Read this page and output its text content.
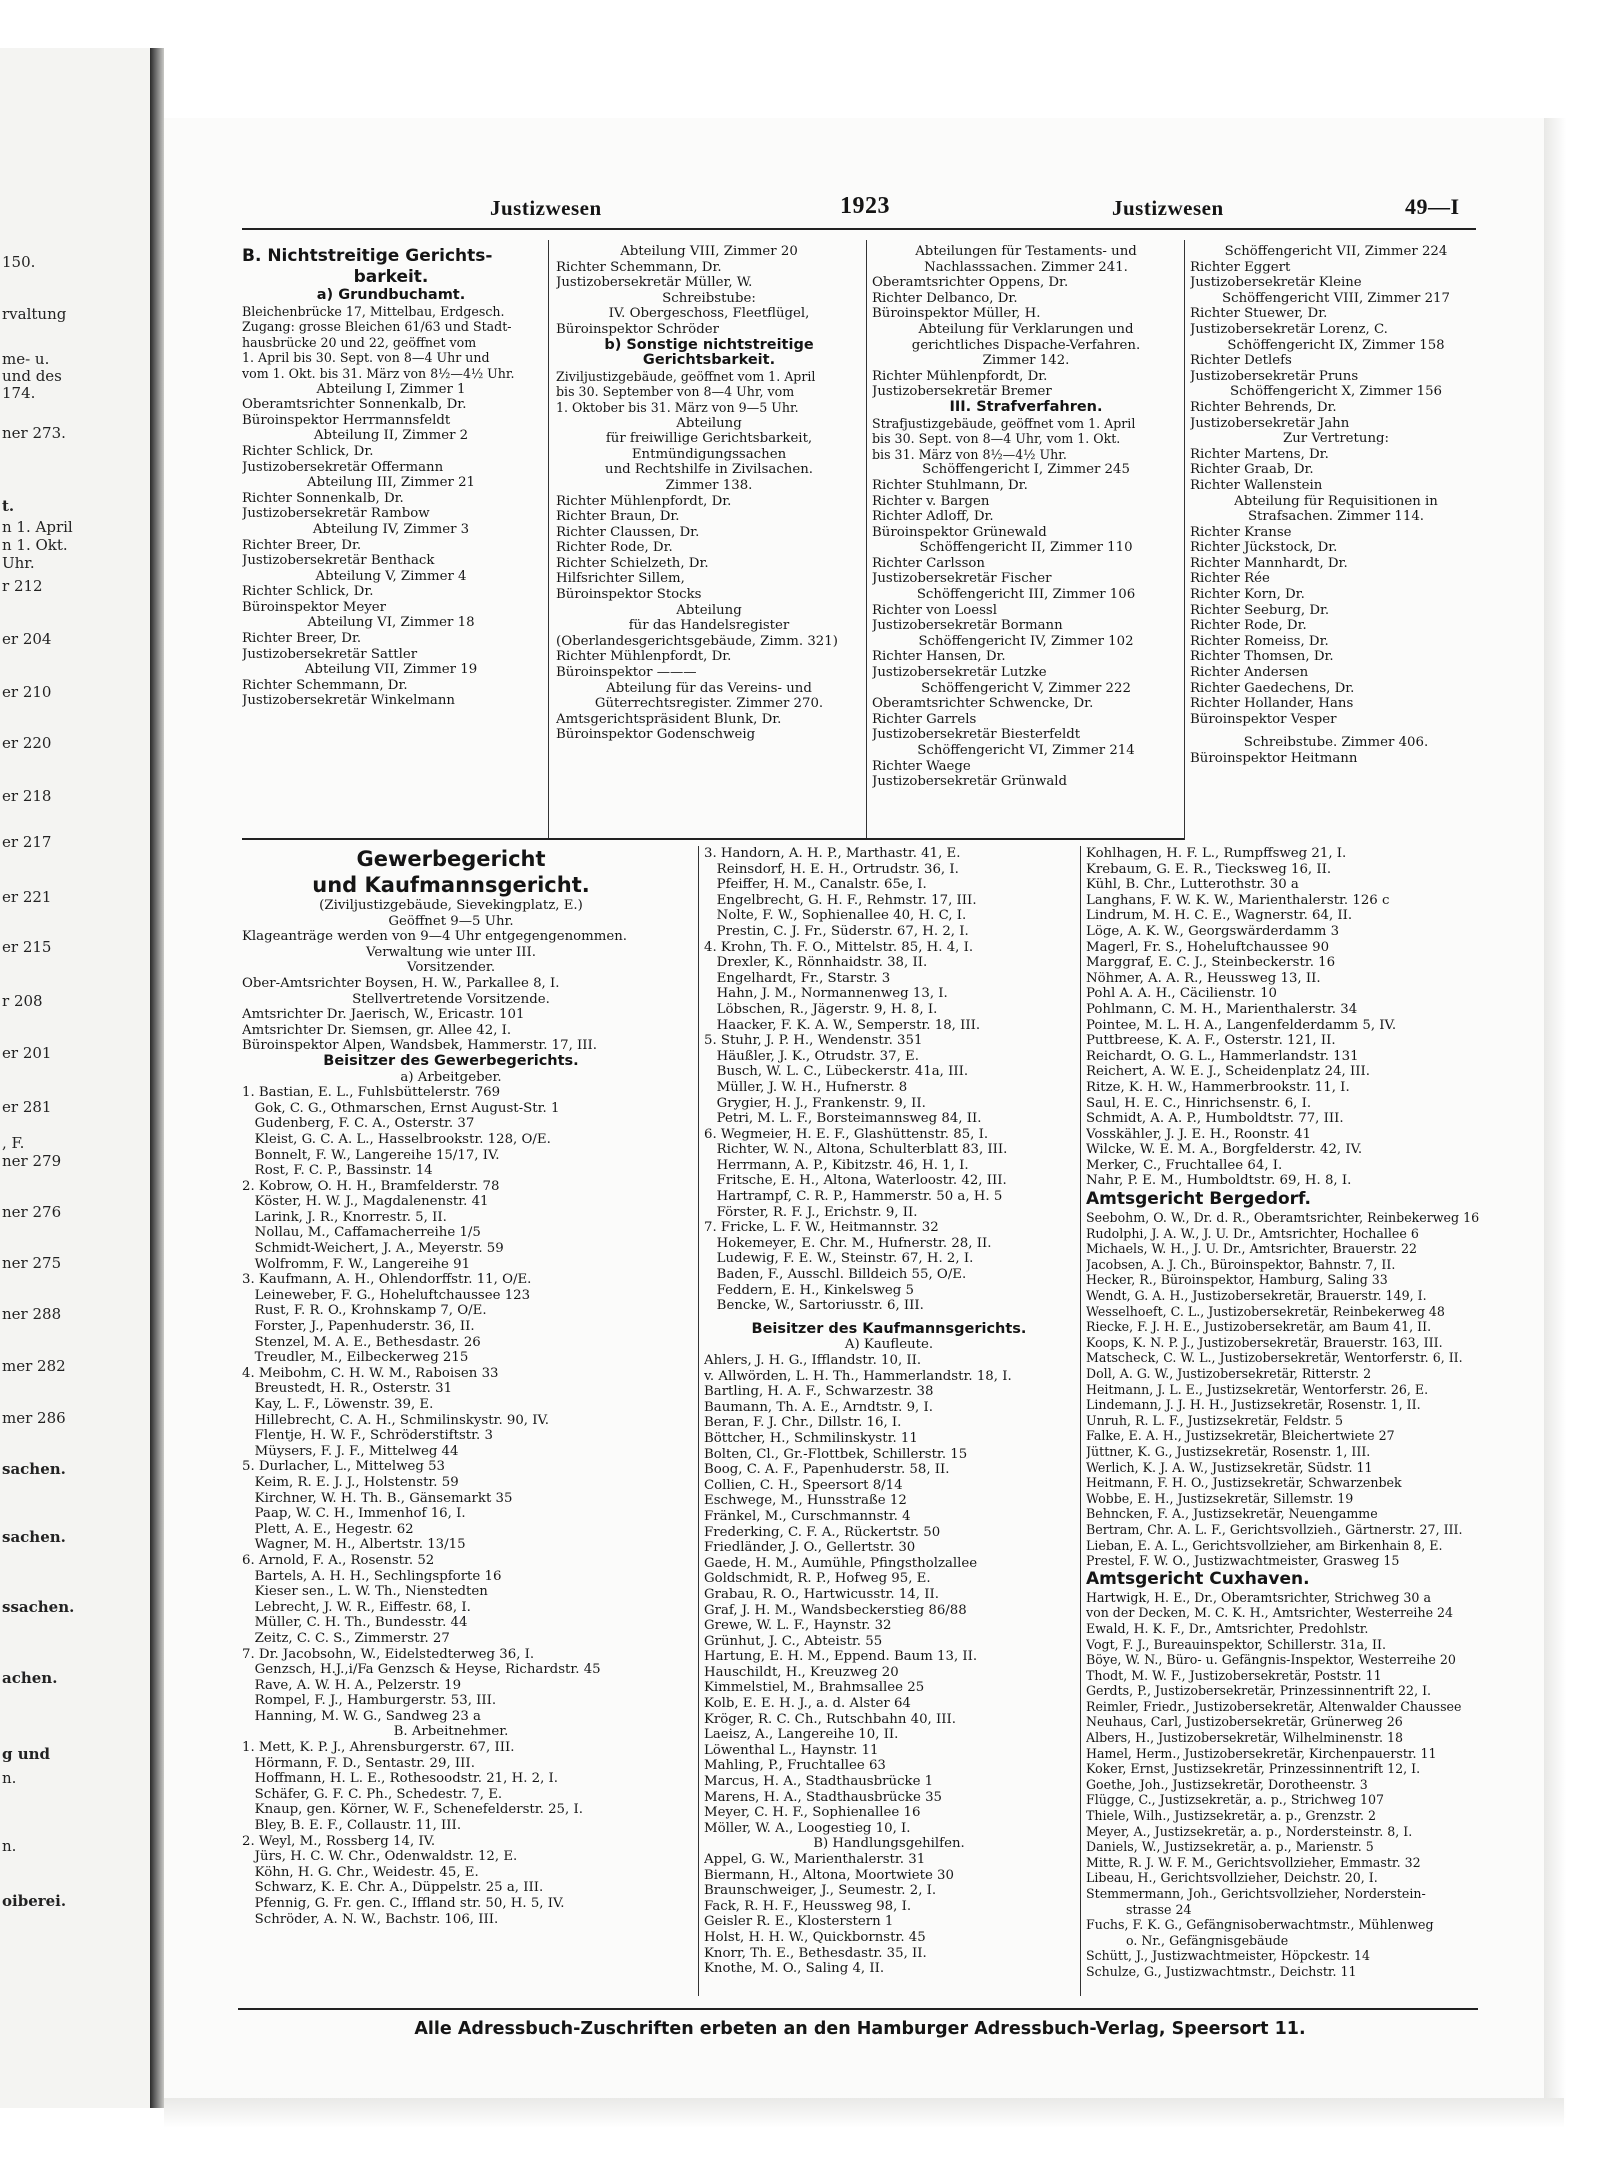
150.
rvaltung
me- u.
und des
174.
ner 273.
t.
n 1. April
n 1. Okt.
Uhr.
r 212
er 204
er 210
er 220
er 218
er 217
er 221
er 215
r 208
er 201
er 281
, F.
ner 279
ner 276
ner 275
ner 288
mer 282
mer 286
sachen.
sachen.
ssachen.
achen.
g und
n.
n.
oiberei.
Justizwesen	1923	Justizwesen	49—I
B. Nichtstreitige Gerichts-
barkeit.
a) Grundbuchamt.
Bleichenbrücke 17, Mittelbau, Erdgesch.
Zugang: grosse Bleichen 61/63 und Stadt-
hausbrücke 20 und 22, geöffnet vom
1. April bis 30. Sept. von 8—4 Uhr und
vom 1. Okt. bis 31. März von 8½—4½ Uhr.
Abteilung I, Zimmer 1
Oberamtsrichter Sonnenkalb, Dr.
Büroinspektor Herrmannsfeldt
Abteilung II, Zimmer 2
Richter Schlick, Dr.
Justizobersekretär Offermann
Abteilung III, Zimmer 21
Richter Sonnenkalb, Dr.
Justizobersekretär Rambow
Abteilung IV, Zimmer 3
Richter Breer, Dr.
Justizobersekretär Benthack
Abteilung V, Zimmer 4
Richter Schlick, Dr.
Büroinspektor Meyer
Abteilung VI, Zimmer 18
Richter Breer, Dr.
Justizobersekretär Sattler
Abteilung VII, Zimmer 19
Richter Schemmann, Dr.
Justizobersekretär Winkelmann
Abteilung VIII, Zimmer 20
Richter Schemmann, Dr.
Justizobersekretär Müller, W.
Schreibstube:
IV. Obergeschoss, Fleetflügel,
Büroinspektor Schröder
b) Sonstige nichtstreitige
Gerichtsbarkeit.
Ziviljustizgebäude, geöffnet vom 1. April
bis 30. September von 8—4 Uhr, vom
1. Oktober bis 31. März von 9—5 Uhr.
Abteilung
für freiwillige Gerichtsbarkeit,
Entmündigungssachen
und Rechtshilfe in Zivilsachen.
Zimmer 138.
Richter Mühlenpfordt, Dr.
Richter Braun, Dr.
Richter Claussen, Dr.
Richter Rode, Dr.
Richter Schielzeth, Dr.
Hilfsrichter Sillem,
Büroinspektor Stocks
Abteilung
für das Handelsregister
(Oberlandesgerichtsgebäude, Zimm. 321)
Richter Mühlenpfordt, Dr.
Büroinspektor ———
Abteilung für das Vereins- und
Güterrechtsregister. Zimmer 270.
Amtsgerichtspräsident Blunk, Dr.
Büroinspektor Godenschweig
Abteilungen für Testaments- und
Nachlasssachen. Zimmer 241.
Oberamtsrichter Oppens, Dr.
Richter Delbanco, Dr.
Büroinspektor Müller, H.
Abteilung für Verklarungen und
gerichtliches Dispache-Verfahren.
Zimmer 142.
Richter Mühlenpfordt, Dr.
Justizobersekretär Bremer
III. Strafverfahren.
Strafjustizgebäude, geöffnet vom 1. April
bis 30. Sept. von 8—4 Uhr, vom 1. Okt.
bis 31. März von 8½—4½ Uhr.
Schöffengericht I, Zimmer 245
Richter Stuhlmann, Dr.
Richter v. Bargen
Richter Adloff, Dr.
Büroinspektor Grünewald
Schöffengericht II, Zimmer 110
Richter Carlsson
Justizobersekretär Fischer
Schöffengericht III, Zimmer 106
Richter von Loessl
Justizobersekretär Bormann
Schöffengericht IV, Zimmer 102
Richter Hansen, Dr.
Justizobersekretär Lutzke
Schöffengericht V, Zimmer 222
Oberamtsrichter Schwencke, Dr.
Richter Garrels
Justizobersekretär Biesterfeldt
Schöffengericht VI, Zimmer 214
Richter Waege
Justizobersekretär Grünwald
Schöffengericht VII, Zimmer 224
Richter Eggert
Justizobersekretär Kleine
Schöffengericht VIII, Zimmer 217
Richter Stuewer, Dr.
Justizobersekretär Lorenz, C.
Schöffengericht IX, Zimmer 158
Richter Detlefs
Justizobersekretär Pruns
Schöffengericht X, Zimmer 156
Richter Behrends, Dr.
Justizobersekretär Jahn
Zur Vertretung:
Richter Martens, Dr.
Richter Graab, Dr.
Richter Wallenstein
Abteilung für Requisitionen in
Strafsachen. Zimmer 114.
Richter Kranse
Richter Jückstock, Dr.
Richter Mannhardt, Dr.
Richter Rée
Richter Korn, Dr.
Richter Seeburg, Dr.
Richter Rode, Dr.
Richter Romeiss, Dr.
Richter Thomsen, Dr.
Richter Andersen
Richter Gaedechens, Dr.
Richter Hollander, Hans
Büroinspektor Vesper
Schreibstube. Zimmer 406.
Büroinspektor Heitmann
Gewerbegericht
und Kaufmannsgericht.
(Ziviljustizgebäude, Sievekingplatz, E.)
Geöffnet 9—5 Uhr.
Klageanträge werden von 9—4 Uhr entgegengenommen.
Verwaltung wie unter III.
Vorsitzender.
Ober-Amtsrichter Boysen, H. W., Parkallee 8, I.
Stellvertretende Vorsitzende.
Amtsrichter Dr. Jaerisch, W., Ericastr. 101
Amtsrichter Dr. Siemsen, gr. Allee 42, I.
Büroinspektor Alpen, Wandsbek, Hammerstr. 17, III.
Beisitzer des Gewerbegerichts.
a) Arbeitgeber.
1. Bastian, E. L., Fuhlsbüttelerstr. 769
Gok, C. G., Othmarschen, Ernst August-Str. 1
Gudenberg, F. C. A., Osterstr. 37
Kleist, G. C. A. L., Hasselbrookstr. 128, O/E.
Bonnelt, F. W., Langereihe 15/17, IV.
Rost, F. C. P., Bassinstr. 14
2. Kobrow, O. H. H., Bramfelderstr. 78
Köster, H. W. J., Magdalenenstr. 41
Larink, J. R., Knorrestr. 5, II.
Nollau, M., Caffamacherreihe 1/5
Schmidt-Weichert, J. A., Meyerstr. 59
Wolfromm, F. W., Langereihe 91
3. Kaufmann, A. H., Ohlendorffstr. 11, O/E.
Leineweber, F. G., Hoheluftchaussee 123
Rust, F. R. O., Krohnskamp 7, O/E.
Forster, J., Papenhuderstr. 36, II.
Stenzel, M. A. E., Bethesdastr. 26
Treudler, M., Eilbeckerweg 215
4. Meibohm, C. H. W. M., Raboisen 33
Breustedt, H. R., Osterstr. 31
Kay, L. F., Löwenstr. 39, E.
Hillebrecht, C. A. H., Schmilinskystr. 90, IV.
Flentje, H. W. F., Schröderstiftstr. 3
Müysers, F. J. F., Mittelweg 44
5. Durlacher, L., Mittelweg 53
Keim, R. E. J. J., Holstenstr. 59
Kirchner, W. H. Th. B., Gänsemarkt 35
Paap, W. C. H., Immenhof 16, I.
Plett, A. E., Hegestr. 62
Wagner, M. H., Albertstr. 13/15
6. Arnold, F. A., Rosenstr. 52
Bartels, A. H. H., Sechlingspforte 16
Kieser sen., L. W. Th., Nienstedten
Lebrecht, J. W. R., Eiffestr. 68, I.
Müller, C. H. Th., Bundesstr. 44
Zeitz, C. C. S., Zimmerstr. 27
7. Dr. Jacobsohn, W., Eidelstedterweg 36, I.
Genzsch, H.J.,i/Fa Genzsch & Heyse, Richardstr. 45
Rave, A. W. H. A., Pelzerstr. 19
Rompel, F. J., Hamburgerstr. 53, III.
Hanning, M. W. G., Sandweg 23 a
B. Arbeitnehmer.
1. Mett, K. P. J., Ahrensburgerstr. 67, III.
Hörmann, F. D., Sentastr. 29, III.
Hoffmann, H. L. E., Rothesoodstr. 21, H. 2, I.
Schäfer, G. F. C. Ph., Schedestr. 7, E.
Knaup, gen. Körner, W. F., Schenefelderstr. 25, I.
Bley, B. E. F., Collaustr. 11, III.
2. Weyl, M., Rossberg 14, IV.
Jürs, H. C. W. Chr., Odenwaldstr. 12, E.
Köhn, H. G. Chr., Weidestr. 45, E.
Schwarz, K. E. Chr. A., Düppelstr. 25 a, III.
Pfennig, G. Fr. gen. C., Iffland str. 50, H. 5, IV.
Schröder, A. N. W., Bachstr. 106, III.
3. Handorn, A. H. P., Marthastr. 41, E.
Reinsdorf, H. E. H., Ortrudstr. 36, I.
Pfeiffer, H. M., Canalstr. 65e, I.
Engelbrecht, G. H. F., Rehmstr. 17, III.
Nolte, F. W., Sophienallee 40, H. C, I.
Prestin, C. J. Fr., Süderstr. 67, H. 2, I.
4. Krohn, Th. F. O., Mittelstr. 85, H. 4, I.
Drexler, K., Rönnhaidstr. 38, II.
Engelhardt, Fr., Starstr. 3
Hahn, J. M., Normannenweg 13, I.
Löbschen, R., Jägerstr. 9, H. 8, I.
Haacker, F. K. A. W., Semperstr. 18, III.
5. Stuhr, J. P. H., Wendenstr. 351
Häußler, J. K., Otrudstr. 37, E.
Busch, W. L. C., Lübeckerstr. 41a, III.
Müller, J. W. H., Hufnerstr. 8
Grygier, H. J., Frankenstr. 9, II.
Petri, M. L. F., Borsteimannsweg 84, II.
6. Wegmeier, H. E. F., Glashüttenstr. 85, I.
Richter, W. N., Altona, Schulterblatt 83, III.
Herrmann, A. P., Kibitzstr. 46, H. 1, I.
Fritsche, E. H., Altona, Waterloostr. 42, III.
Hartrampf, C. R. P., Hammerstr. 50 a, H. 5
Förster, R. F. J., Erichstr. 9, II.
7. Fricke, L. F. W., Heitmannstr. 32
Hokemeyer, E. Chr. M., Hufnerstr. 28, II.
Ludewig, F. E. W., Steinstr. 67, H. 2, I.
Baden, F., Ausschl. Billdeich 55, O/E.
Feddern, E. H., Kinkelsweg 5
Bencke, W., Sartoriusstr. 6, III.
Beisitzer des Kaufmannsgerichts.
A) Kaufleute.
Ahlers, J. H. G., Ifflandstr. 10, II.
v. Allwörden, L. H. Th., Hammerlandstr. 18, I.
Bartling, H. A. F., Schwarzestr. 38
Baumann, Th. A. E., Arndtstr. 9, I.
Beran, F. J. Chr., Dillstr. 16, I.
Böttcher, H., Schmilinskystr. 11
Bolten, Cl., Gr.-Flottbek, Schillerstr. 15
Boog, C. A. F., Papenhuderstr. 58, II.
Collien, C. H., Speersort 8/14
Eschwege, M., Hunsstraße 12
Fränkel, M., Curschmannstr. 4
Frederking, C. F. A., Rückertstr. 50
Friedländer, J. O., Gellertstr. 30
Gaede, H. M., Aumühle, Pfingstholzallee
Goldschmidt, R. P., Hofweg 95, E.
Grabau, R. O., Hartwicusstr. 14, II.
Graf, J. H. M., Wandsbeckerstieg 86/88
Grewe, W. L. F., Haynstr. 32
Grünhut, J. C., Abteistr. 55
Hartung, E. H. M., Eppend. Baum 13, II.
Hauschildt, H., Kreuzweg 20
Kimmelstiel, M., Brahmsallee 25
Kolb, E. E. H. J., a. d. Alster 64
Kröger, R. C. Ch., Rutschbahn 40, III.
Laeisz, A., Langereihe 10, II.
Löwenthal L., Haynstr. 11
Mahling, P., Fruchtallee 63
Marcus, H. A., Stadthausbrücke 1
Marens, H. A., Stadthausbrücke 35
Meyer, C. H. F., Sophienallee 16
Möller, W. A., Loogestieg 10, I.
B) Handlungsgehilfen.
Appel, G. W., Marienthalerstr. 31
Biermann, H., Altona, Moortwiete 30
Braunschweiger, J., Seumestr. 2, I.
Fack, R. H. F., Heussweg 98, I.
Geisler R. E., Klosterstern 1
Holst, H. H. W., Quickbornstr. 45
Knorr, Th. E., Bethesdastr. 35, II.
Knothe, M. O., Saling 4, II.
Kohlhagen, H. F. L., Rumpffsweg 21, I.
Krebaum, G. E. R., Tiecksweg 16, II.
Kühl, B. Chr., Lutterothstr. 30 a
Langhans, F. W. K. W., Marienthalerstr. 126 c
Lindrum, M. H. C. E., Wagnerstr. 64, II.
Löge, A. K. W., Georgswärderdamm 3
Magerl, Fr. S., Hoheluftchaussee 90
Marggraf, E. C. J., Steinbeckerstr. 16
Nöhmer, A. A. R., Heussweg 13, II.
Pohl A. A. H., Cäcilienstr. 10
Pohlmann, C. M. H., Marienthalerstr. 34
Pointee, M. L. H. A., Langenfelderdamm 5, IV.
Puttbreese, K. A. F., Osterstr. 121, II.
Reichardt, O. G. L., Hammerlandstr. 131
Reichert, A. W. E. J., Scheidenplatz 24, III.
Ritze, K. H. W., Hammerbrookstr. 11, I.
Saul, H. E. C., Hinrichsenstr. 6, I.
Schmidt, A. A. P., Humboldtstr. 77, III.
Vosskähler, J. J. E. H., Roonstr. 41
Wilcke, W. E. M. A., Borgfelderstr. 42, IV.
Merker, C., Fruchtallee 64, I.
Nahr, P. E. M., Humboldtstr. 69, H. 8, I.
Amtsgericht Bergedorf.
Seebohm, O. W., Dr. d. R., Oberamtsrichter, Reinbekerweg 16
Rudolphi, J. A. W., J. U. Dr., Amtsrichter, Hochallee 6
Michaels, W. H., J. U. Dr., Amtsrichter, Brauerstr. 22
Jacobsen, A. J. Ch., Büroinspektor, Bahnstr. 7, II.
Hecker, R., Büroinspektor, Hamburg, Saling 33
Wendt, G. A. H., Justizobersekretär, Brauerstr. 149, I.
Wesselhoeft, C. L., Justizobersekretär, Reinbekerweg 48
Riecke, F. J. H. E., Justizobersekretär, am Baum 41, II.
Koops, K. N. P. J., Justizobersekretär, Brauerstr. 163, III.
Matscheck, C. W. L., Justizobersekretär, Wentorferstr. 6, II.
Doll, A. G. W., Justizobersekretär, Ritterstr. 2
Heitmann, J. L. E., Justizsekretär, Wentorferstr. 26, E.
Lindemann, J. J. H. H., Justizsekretär, Rosenstr. 1, II.
Unruh, R. L. F., Justizsekretär, Feldstr. 5
Falke, E. A. H., Justizsekretär, Bleichertwiete 27
Jüttner, K. G., Justizsekretär, Rosenstr. 1, III.
Werlich, K. J. A. W., Justizsekretär, Südstr. 11
Heitmann, F. H. O., Justizsekretär, Schwarzenbek
Wobbe, E. H., Justizsekretär, Sillemstr. 19
Behncken, F. A., Justizsekretär, Neuengamme
Bertram, Chr. A. L. F., Gerichtsvollzieh., Gärtnerstr. 27, III.
Lieban, E. A. L., Gerichtsvollzieher, am Birkenhain 8, E.
Prestel, F. W. O., Justizwachtmeister, Grasweg 15
Amtsgericht Cuxhaven.
Hartwigk, H. E., Dr., Oberamtsrichter, Strichweg 30 a
von der Decken, M. C. K. H., Amtsrichter, Westerreihe 24
Ewald, H. K. F., Dr., Amtsrichter, Predohlstr.
Vogt, F. J., Bureauinspektor, Schillerstr. 31a, II.
Böye, W. N., Büro- u. Gefängnis-Inspektor, Westerreihe 20
Thodt, M. W. F., Justizobersekretär, Poststr. 11
Gerdts, P., Justizobersekretär, Prinzessinnentrift 22, I.
Reimler, Friedr., Justizobersekretär, Altenwalder Chaussee
Neuhaus, Carl, Justizobersekretär, Grünerweg 26
Albers, H., Justizobersekretär, Wilhelminenstr. 18
Hamel, Herm., Justizobersekretär, Kirchenpauerstr. 11
Koker, Ernst, Justizsekretär, Prinzessinnentrift 12, I.
Goethe, Joh., Justizsekretär, Dorotheenstr. 3
Flügge, C., Justizsekretär, a. p., Strichweg 107
Thiele, Wilh., Justizsekretär, a. p., Grenzstr. 2
Meyer, A., Justizsekretär, a. p., Nordersteinstr. 8, I.
Daniels, W., Justizsekretär, a. p., Marienstr. 5
Mitte, R. J. W. F. M., Gerichtsvollzieher, Emmastr. 32
Libeau, H., Gerichtsvollzieher, Deichstr. 20, I.
Stemmermann, Joh., Gerichtsvollzieher, Norderstein-
strasse 24
Fuchs, F. K. G., Gefängnisoberwachtmstr., Mühlenweg
o. Nr., Gefängnisgebäude
Schütt, J., Justizwachtmeister, Höpckestr. 14
Schulze, G., Justizwachtmstr., Deichstr. 11
Alle Adressbuch-Zuschriften erbeten an den Hamburger Adressbuch-Verlag, Speersort 11.
